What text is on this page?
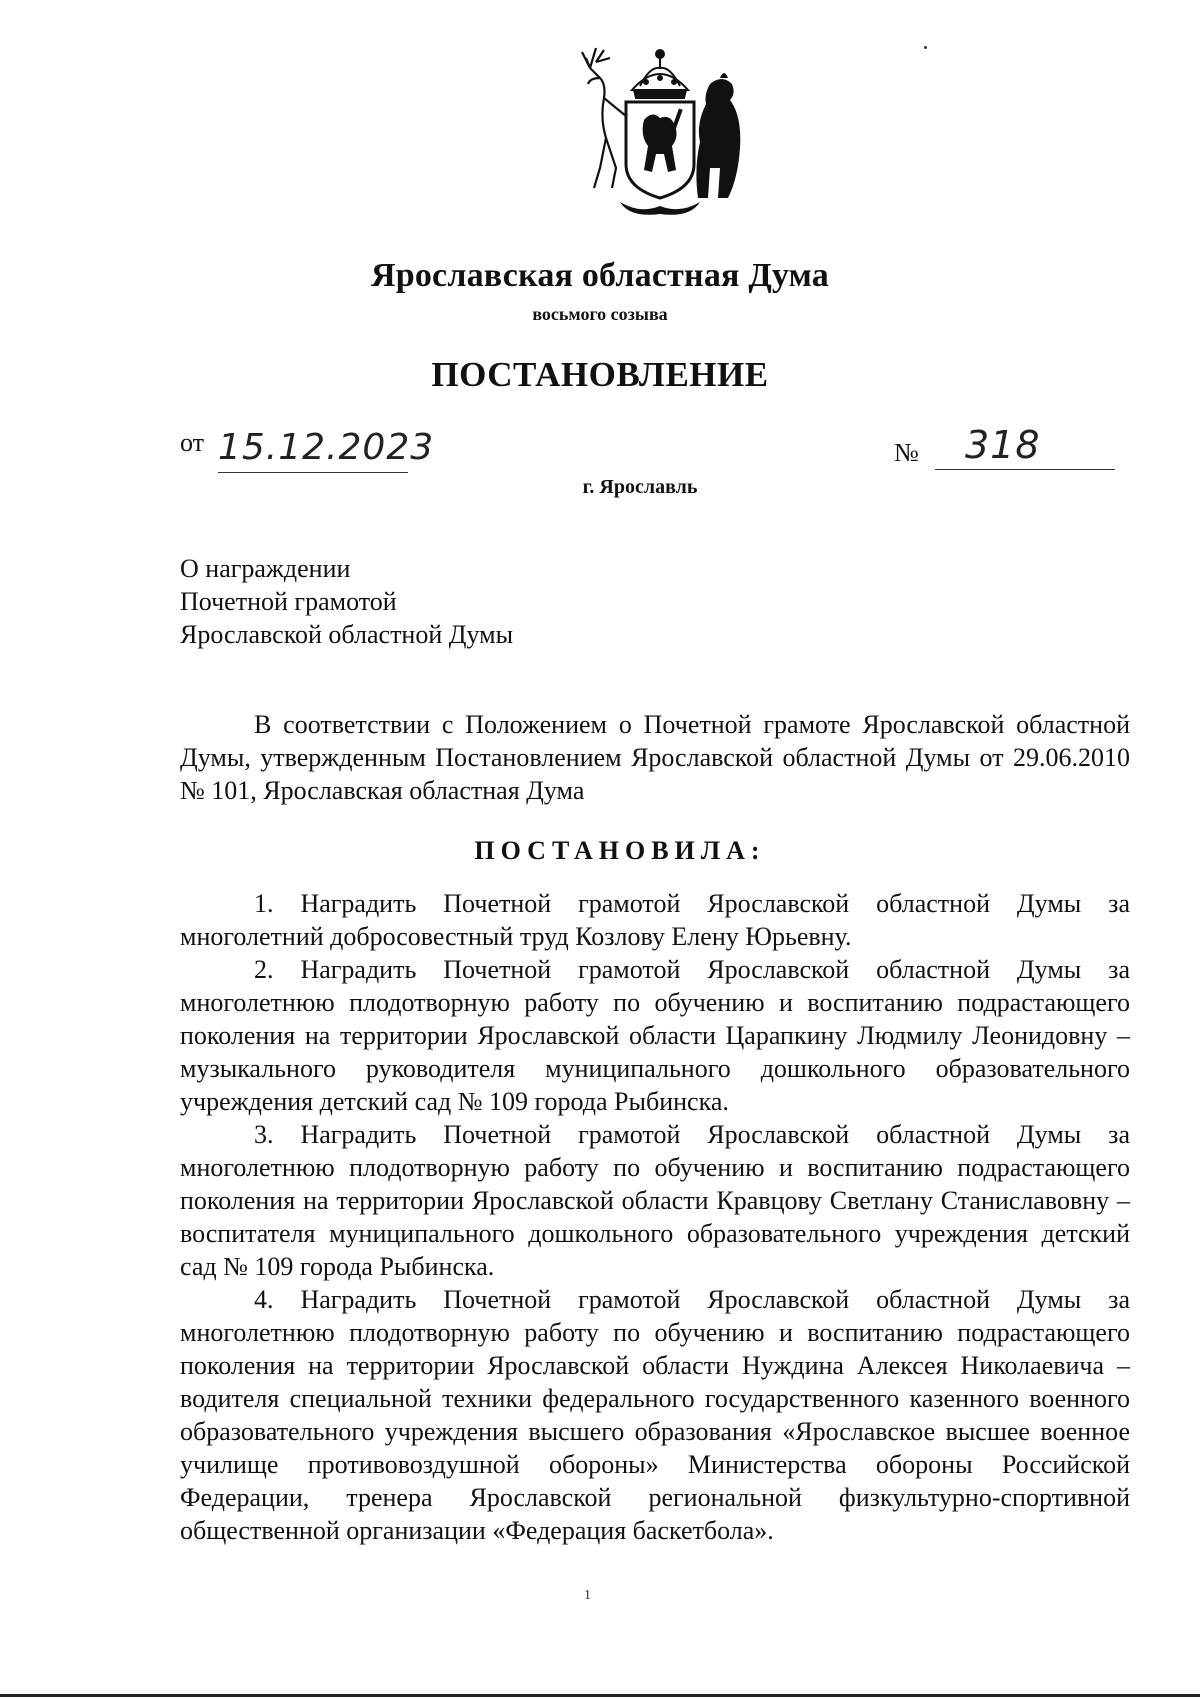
Ярославская областная Дума
восьмого созыва
ПОСТАНОВЛЕНИЕ
от 15.12.2023	№	318
г. Ярославль
О награждении
Почетной грамотой
Ярославской областной Думы
В соответствии с Положением о Почетной грамоте Ярославской областной Думы, утвержденным Постановлением Ярославской областной Думы от 29.06.2010 № 101, Ярославская областная Дума
ПОСТАНОВИЛА:

1. Наградить Почетной грамотой Ярославской областной Думы за многолетний добросовестный труд Козлову Елену Юрьевну.

2. Наградить Почетной грамотой Ярославской областной Думы за многолетнюю плодотворную работу по обучению и воспитанию подрастающего поколения на территории Ярославской области Царапкину Людмилу Леонидовну – музыкального руководителя муниципального дошкольного образовательного учреждения детский сад № 109 города Рыбинска.

3. Наградить Почетной грамотой Ярославской областной Думы за многолетнюю плодотворную работу по обучению и воспитанию подрастающего поколения на территории Ярославской области Кравцову Светлану Станиславовну – воспитателя муниципального дошкольного образовательного учреждения детский сад № 109 города Рыбинска.

4. Наградить Почетной грамотой Ярославской областной Думы за многолетнюю плодотворную работу по обучению и воспитанию подрастающего поколения на территории Ярославской области Нуждина Алексея Николаевича – водителя специальной техники федерального государственного казенного военного образовательного учреждения высшего образования «Ярославское высшее военное училище противовоздушной обороны» Министерства обороны Российской Федерации, тренера Ярославской региональной физкультурно-спортивной общественной организации «Федерация баскетбола».

1
